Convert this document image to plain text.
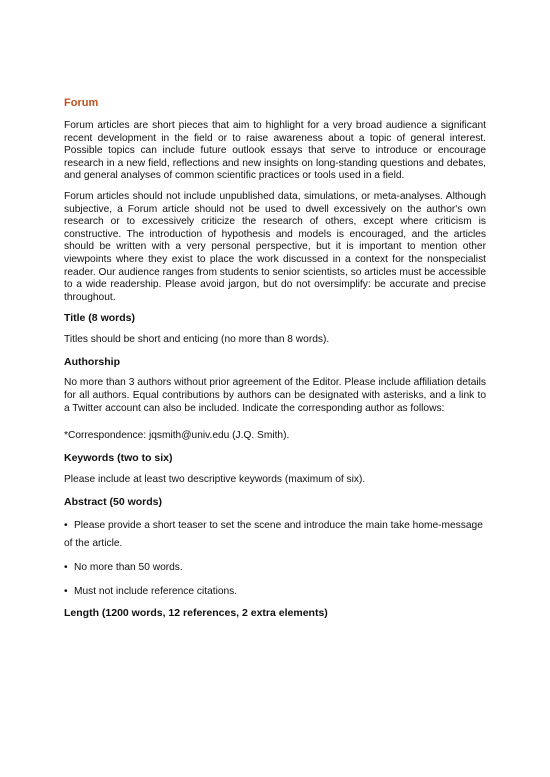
Forum

Forum articles are short pieces that aim to highlight for a very broad audience a significant recent development in the field or to raise awareness about a topic of general interest. Possible topics can include future outlook essays that serve to introduce or encourage research in a new field, reflections and new insights on long-standing questions and debates, and general analyses of common scientific practices or tools used in a field.

Forum articles should not include unpublished data, simulations, or meta-analyses. Although subjective, a Forum article should not be used to dwell excessively on the author's own research or to excessively criticize the research of others, except where criticism is constructive. The introduction of hypothesis and models is encouraged, and the articles should be written with a very personal perspective, but it is important to mention other viewpoints where they exist to place the work discussed in a context for the nonspecialist reader. Our audience ranges from students to senior scientists, so articles must be accessible to a wide readership. Please avoid jargon, but do not oversimplify: be accurate and precise throughout.

Title (8 words)

Titles should be short and enticing (no more than 8 words).

Authorship

No more than 3 authors without prior agreement of the Editor. Please include affiliation details for all authors. Equal contributions by authors can be designated with asterisks, and a link to a Twitter account can also be included. Indicate the corresponding author as follows:

*Correspondence: jqsmith@univ.edu (J.Q. Smith).

Keywords (two to six)

Please include at least two descriptive keywords (maximum of six).

Abstract (50 words)

• Please provide a short teaser to set the scene and introduce the main take home-message of the article.

• No more than 50 words.

• Must not include reference citations.

Length (1200 words, 12 references, 2 extra elements)
